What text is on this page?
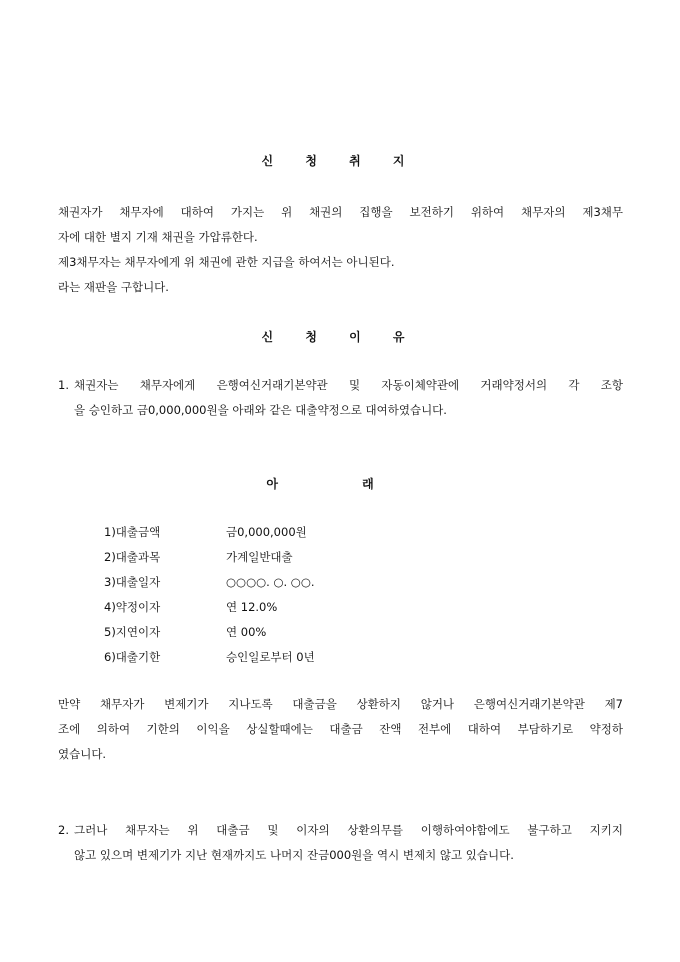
신 청 취 지
채권자가 채무자에 대하여 가지는 위 채권의 집행을 보전하기 위하여 채무자의 제3채무
자에 대한 별지 기재 채권을 가압류한다.
제3채무자는 채무자에게 위 채권에 관한 지급을 하여서는 아니된다.
라는 재판을 구합니다.
신 청 이 유
1. 채권자는 채무자에게 은행여신거래기본약관 및 자동이체약관에 거래약정서의 각 조항
을 승인하고 금0,000,000원을 아래와 같은 대출약정으로 대여하였습니다.
아 래
1)대출금액	금0,000,000원
2)대출과목	가계일반대출
3)대출일자	○○○○. ○. ○○.
4)약정이자	연 12.0%
5)지연이자	연 00%
6)대출기한	승인일로부터 0년
만약 채무자가 변제기가 지나도록 대출금을 상환하지 않거나 은행여신거래기본약관 제7
조에 의하여 기한의 이익을 상실할때에는 대출금 잔액 전부에 대하여 부담하기로 약정하
였습니다.
2. 그러나 채무자는 위 대출금 및 이자의 상환의무를 이행하여야함에도 불구하고 지키지
않고 있으며 변제기가 지난 현재까지도 나머지 잔금000원을 역시 변제치 않고 있습니다.
